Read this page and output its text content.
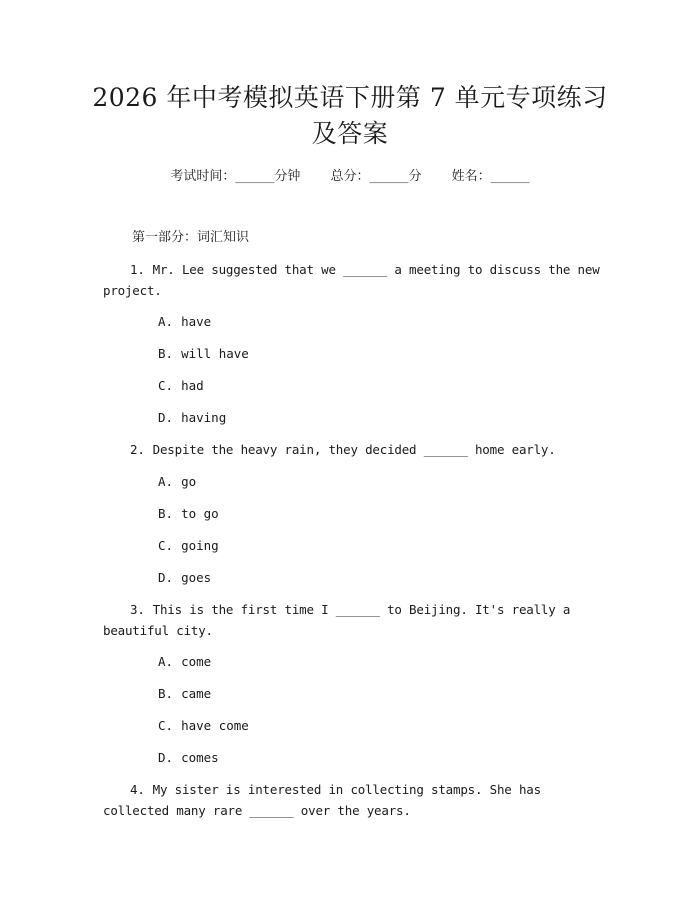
2026 年中考模拟英语下册第 7 单元专项练习
及答案
考试时间：______分钟 总分：______分 姓名：______
第一部分：词汇知识
1. Mr. Lee suggested that we ______ a meeting to discuss the new project.
A. have
B. will have
C. had
D. having
2. Despite the heavy rain, they decided ______ home early.
A. go
B. to go
C. going
D. goes
3. This is the first time I ______ to Beijing. It's really a beautiful city.
A. come
B. came
C. have come
D. comes
4. My sister is interested in collecting stamps. She has collected many rare ______ over the years.
